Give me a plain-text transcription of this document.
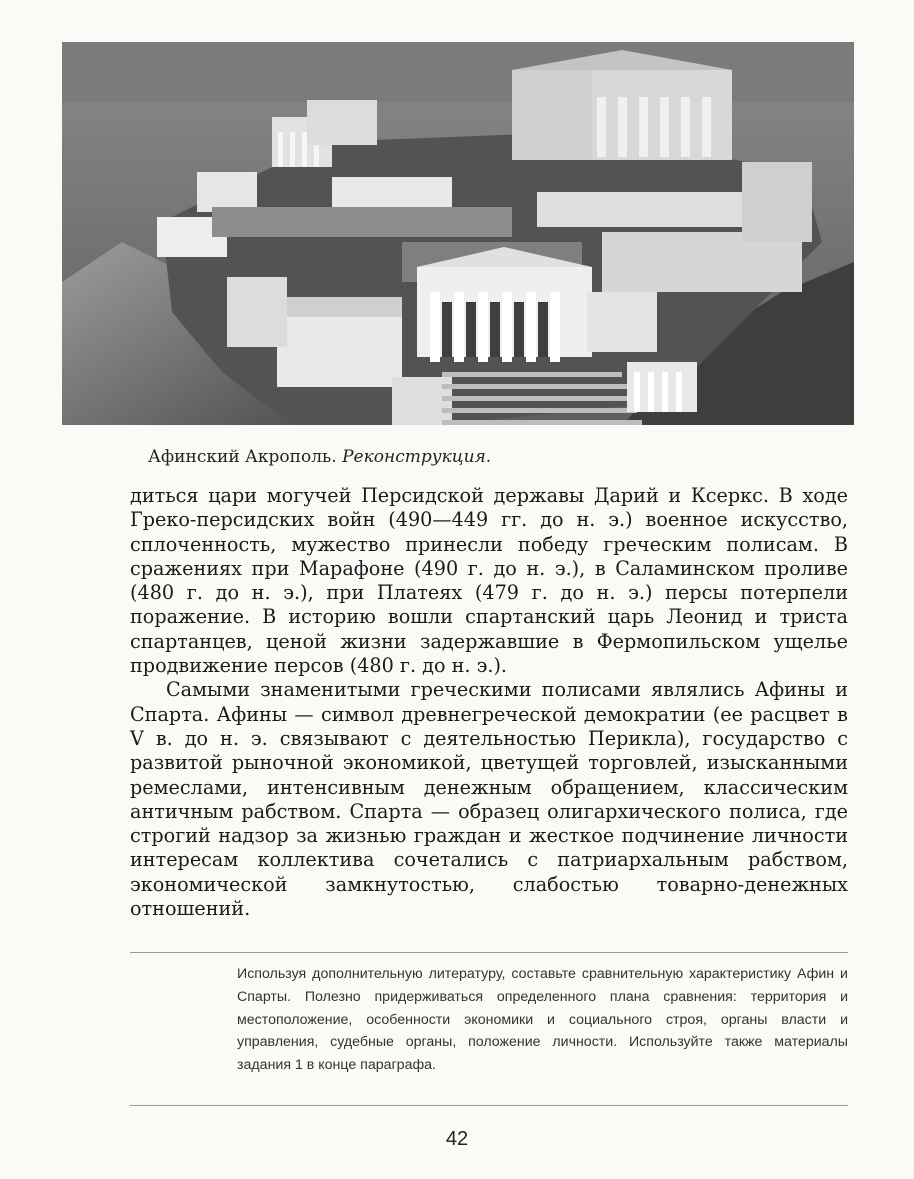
Афинский Акрополь. Реконструкция.

диться цари могучей Персидской державы Дарий и Ксеркс. В ходе Греко-персидских войн (490—449 гг. до н. э.) военное искусство, сплоченность, мужество принесли победу греческим полисам. В сражениях при Марафоне (490 г. до н. э.), в Саламинском проливе (480 г. до н. э.), при Платеях (479 г. до н. э.) персы потерпели поражение. В историю вошли спартанский царь Леонид и триста спартанцев, ценой жизни задержавшие в Фермопильском ущелье продвижение персов (480 г. до н. э.).

Самыми знаменитыми греческими полисами являлись Афины и Спарта. Афины — символ древнегреческой демократии (ее расцвет в V в. до н. э. связывают с деятельностью Перикла), государство с развитой рыночной экономикой, цветущей торговлей, изысканными ремеслами, интенсивным денежным обращением, классическим античным рабством. Спарта — образец олигархического полиса, где строгий надзор за жизнью граждан и жесткое подчинение личности интересам коллектива сочетались с патриархальным рабством, экономической замкнутостью, слабостью товарно-денежных отношений.

Используя дополнительную литературу, составьте сравнительную характеристику Афин и Спарты. Полезно придерживаться определенного плана сравнения: территория и местоположение, особенности экономики и социального строя, органы власти и управления, судебные органы, положение личности. Используйте также материалы задания 1 в конце параграфа.
42
